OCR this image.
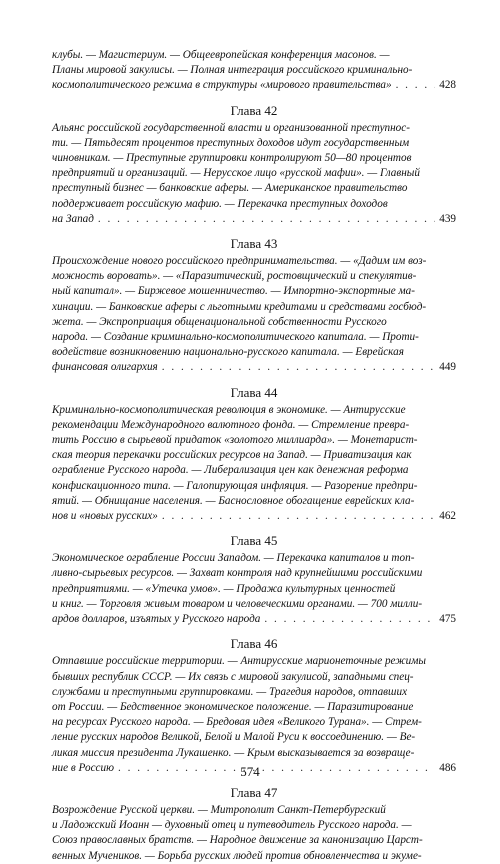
клубы. — Магистериум. — Общеевропейская конференция масонов. —
Планы мировой закулисы. — Полная интеграция российского криминально-
космополитического режима в структуры «мирового правительства» . . .	428
Глава 42
Альянс российской государственной власти и организованной преступнос-
ти. — Пятьдесят процентов преступных доходов идут государственным
чиновникам. — Преступные группировки контролируют 50—80 процентов
предприятий и организаций. — Нерусское лицо «русской мафии». — Главный
преступный бизнес — банковские аферы. — Американское правительство
поддерживает российскую мафию. — Перекачка преступных доходов
на Запад . . .	439
Глава 43
Происхождение нового российского предпринимательства. — «Дадим им воз-
можность воровать». — «Паразитический, ростовщический и спекулятив-
ный капитал». — Биржевое мошенничество. — Импортно-экспортные ма-
хинации. — Банковские аферы с льготными кредитами и средствами госбюд-
жета. — Экспроприация общенациональной собственности Русского
народа. — Создание криминально-космополитического капитала. — Проти-
водействие возникновению национально-русского капитала. — Еврейская
финансовая олигархия . . .	449
Глава 44
Криминально-космополитическая революция в экономике. — Антирусские
рекомендации Международного валютного фонда. — Стремление превра-
тить Россию в сырьевой придаток «золотого миллиарда». — Монетарист-
ская теория перекачки российских ресурсов на Запад. — Приватизация как
ограбление Русского народа. — Либерализация цен как денежная реформа
конфискационного типа. — Галопирующая инфляция. — Разорение предпри-
ятий. — Обнищание населения. — Баснословное обогащение еврейских кла-
нов и «новых русских» . . .	462
Глава 45
Экономическое ограбление России Западом. — Перекачка капиталов и топ-
ливно-сырьевых ресурсов. — Захват контроля над крупнейшими российскими
предприятиями. — «Утечка умов». — Продажа культурных ценностей
и книг. — Торговля живым товаром и человеческими органами. — 700 милли-
ардов долларов, изъятых у Русского народа . . .	475
Глава 46
Отпавшие российские территории. — Антирусские марионеточные режимы
бывших республик СССР. — Их связь с мировой закулисой, западными спец-
службами и преступными группировками. — Трагедия народов, отпавших
от России. — Бедственное экономическое положение. — Паразитирование
на ресурсах Русского народа. — Бредовая идея «Великого Турана». — Стрем-
ление русских народов Великой, Белой и Малой Руси к воссоединению. — Ве-
ликая миссия президента Лукашенко. — Крым высказывается за возвраще-
ние в Россию . . .	486
Глава 47
Возрождение Русской церкви. — Митрополит Санкт-Петербургский
и Ладожский Иоанн — духовный отец и путеводитель Русского народа. —
Союз православных братств. — Народное движение за канонизацию Царст-
венных Мучеников. — Борьба русских людей против обновленчества и экуме-
574
